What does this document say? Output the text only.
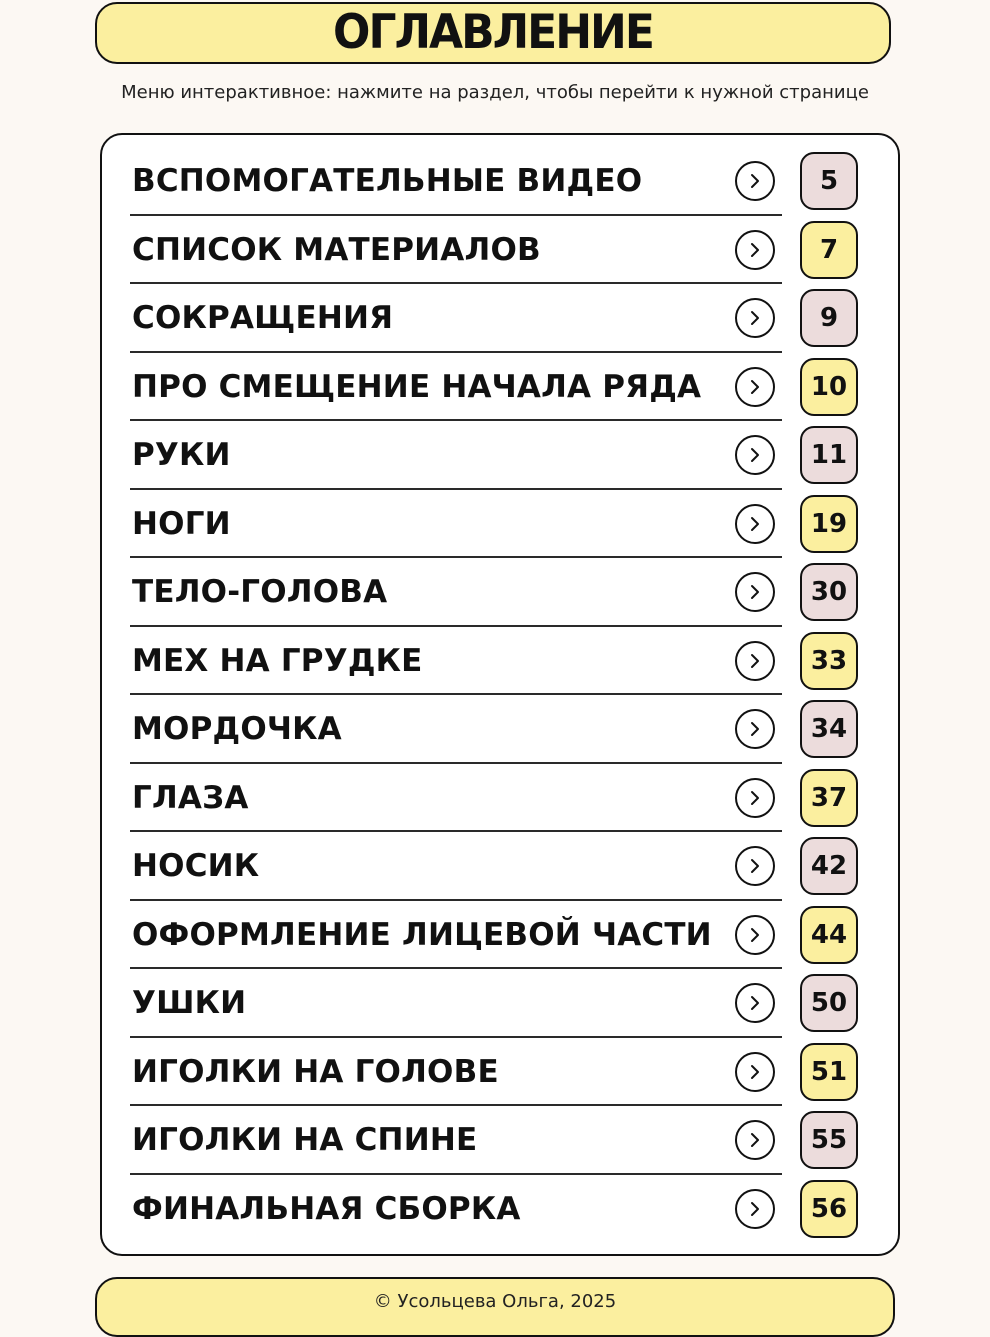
ОГЛАВЛЕНИЕ
Меню интерактивное: нажмите на раздел, чтобы перейти к нужной странице
ВСПОМОГАТЕЛЬНЫЕ ВИДЕО	5
СПИСОК МАТЕРИАЛОВ	7
СОКРАЩЕНИЯ	9
ПРО СМЕЩЕНИЕ НАЧАЛА РЯДА	10
РУКИ	11
НОГИ	19
ТЕЛО-ГОЛОВА	30
МЕХ НА ГРУДКЕ	33
МОРДОЧКА	34
ГЛАЗА	37
НОСИК	42
ОФОРМЛЕНИЕ ЛИЦЕВОЙ ЧАСТИ	44
УШКИ	50
ИГОЛКИ НА ГОЛОВЕ	51
ИГОЛКИ НА СПИНЕ	55
ФИНАЛЬНАЯ СБОРКА	56
© Усольцева Ольга, 2025
